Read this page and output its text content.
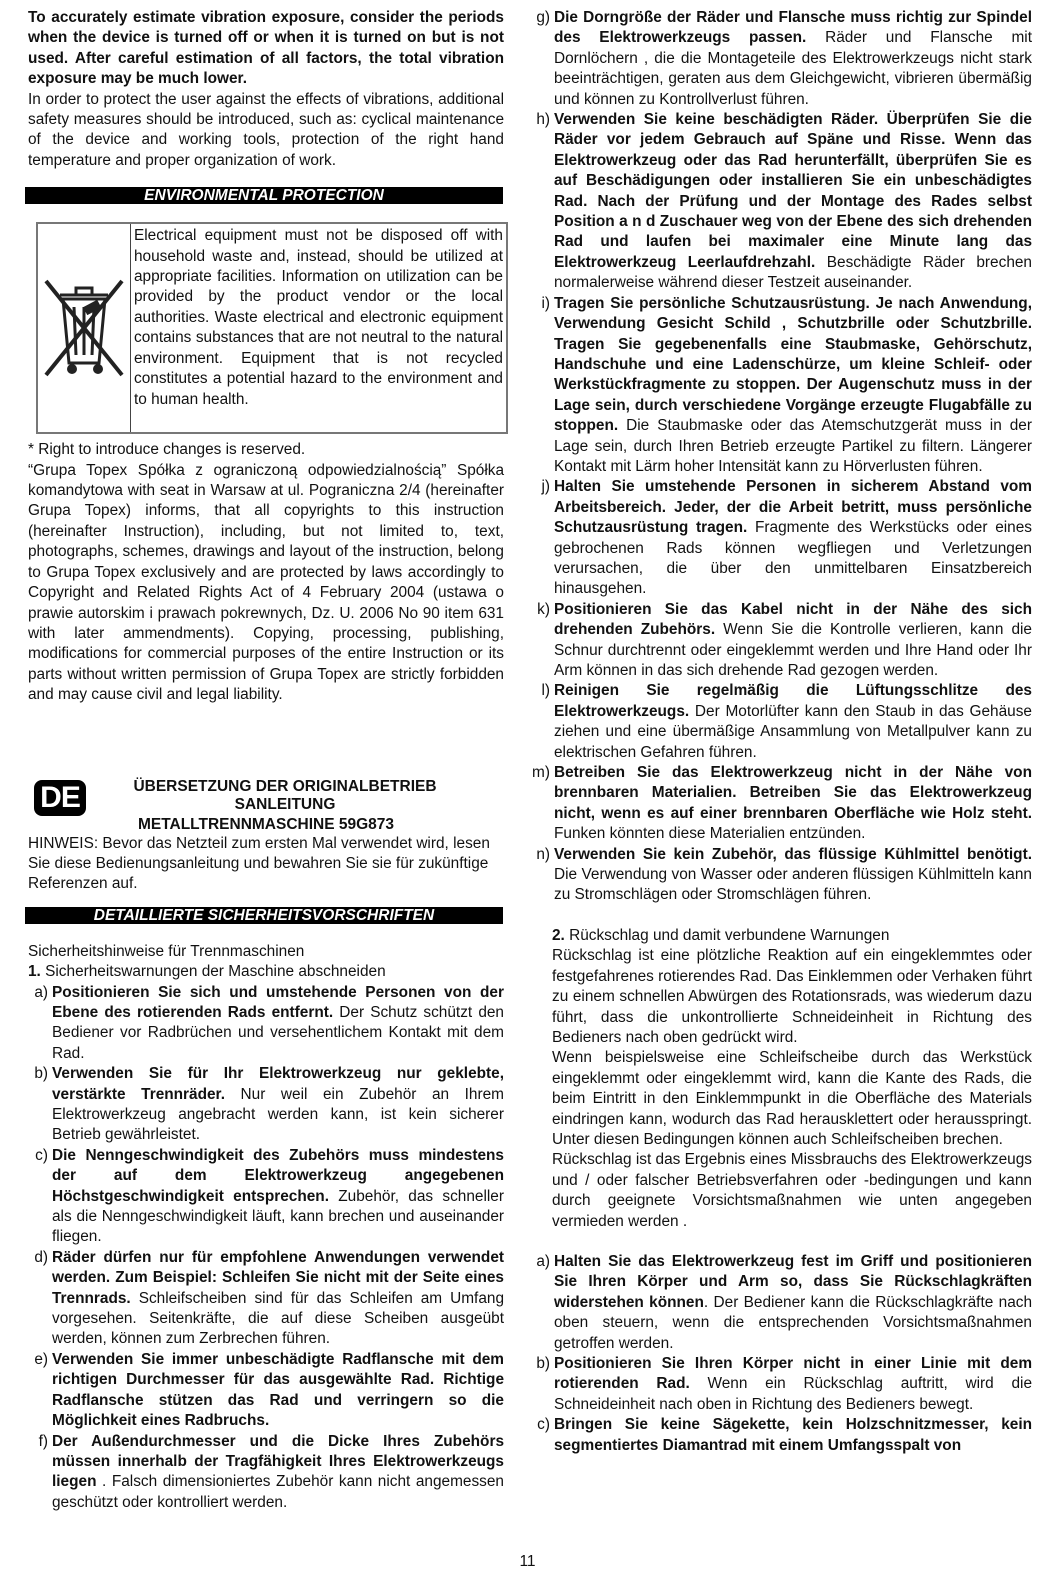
To accurately estimate vibration exposure, consider the periods when the device is turned off or when it is turned on but is not used. After careful estimation of all factors, the total vibration exposure may be much lower.

In order to protect the user against the effects of vibrations, additional safety measures should be introduced, such as: cyclical maintenance of the device and working tools, protection of the right hand temperature and proper organization of work.

ENVIRONMENTAL PROTECTION
Electrical equipment must not be disposed off with household waste and, instead, should be utilized at appropriate facilities. Information on utilization can be provided by the product vendor or the local authorities. Waste electrical and electronic equipment contains substances that are not neutral to the natural environment. Equipment that is not recycled constitutes a potential hazard to the environment and to human health.

* Right to introduce changes is reserved.

“Grupa Topex Spółka z ograniczoną odpowiedzialnością” Spółka komandytowa with seat in Warsaw at ul. Pograniczna 2/4 (hereinafter Grupa Topex) informs, that all copyrights to this instruction (hereinafter Instruction), including, but not limited to, text, photographs, schemes, drawings and layout of the instruction, belong to Grupa Topex exclusively and are protected by laws accordingly to Copyright and Related Rights Act of 4 February 2004 (ustawa o prawie autorskim i prawach pokrewnych, Dz. U. 2006 No 90 item 631 with later ammendments). Copying, processing, publishing, modifications for commercial purposes of the entire Instruction or its parts without written permission of Grupa Topex are strictly forbidden and may cause civil and legal liability.

DE	ÜBERSETZUNG DER ORIGINALBETRIEB
SANLEITUNG
METALLTRENNMASCHINE 59G873

HINWEIS: Bevor das Netzteil zum ersten Mal verwendet wird, lesen Sie diese Bedienungsanleitung und bewahren Sie sie für zukünftige Referenzen auf.

DETAILLIERTE SICHERHEITSVORSCHRIFTEN

Sicherheitshinweise für Trennmaschinen

1. Sicherheitswarnungen der Maschine abschneiden

a) Positionieren Sie sich und umstehende Personen von der Ebene des rotierenden Rads entfernt. Der Schutz schützt den Bediener vor Radbrüchen und versehentlichem Kontakt mit dem Rad.
b) Verwenden Sie für Ihr Elektrowerkzeug nur geklebte, verstärkte Trennräder. Nur weil ein Zubehör an Ihrem Elektrowerkzeug angebracht werden kann, ist kein sicherer Betrieb gewährleistet.
c) Die Nenngeschwindigkeit des Zubehörs muss mindestens der auf dem Elektrowerkzeug angegebenen Höchstgeschwindigkeit entsprechen. Zubehör, das schneller als die Nenngeschwindigkeit läuft, kann brechen und auseinander fliegen.
d) Räder dürfen nur für empfohlene Anwendungen verwendet werden. Zum Beispiel: Schleifen Sie nicht mit der Seite eines Trennrads. Schleifscheiben sind für das Schleifen am Umfang vorgesehen. Seitenkräfte, die auf diese Scheiben ausgeübt werden, können zum Zerbrechen führen.
e) Verwenden Sie immer unbeschädigte Radflansche mit dem richtigen Durchmesser für das ausgewählte Rad. Richtige Radflansche stützen das Rad und verringern so die Möglichkeit eines Radbruchs.
f) Der Außendurchmesser und die Dicke Ihres Zubehörs müssen innerhalb der Tragfähigkeit Ihres Elektrowerkzeugs liegen . Falsch dimensioniertes Zubehör kann nicht angemessen geschützt oder kontrolliert werden.
g) Die Dorngröße der Räder und Flansche muss richtig zur Spindel des Elektrowerkzeugs passen. Räder und Flansche mit Dornlöchern , die die Montageteile des Elektrowerkzeugs nicht stark beeinträchtigen, geraten aus dem Gleichgewicht, vibrieren übermäßig und können zu Kontrollverlust führen.
h) Verwenden Sie keine beschädigten Räder. Überprüfen Sie die Räder vor jedem Gebrauch auf Späne und Risse. Wenn das Elektrowerkzeug oder das Rad herunterfällt, überprüfen Sie es auf Beschädigungen oder installieren Sie ein unbeschädigtes Rad. Nach der Prüfung und der Montage des Rades selbst Position a n d Zuschauer weg von der Ebene des sich drehenden Rad und laufen bei maximaler eine Minute lang das Elektrowerkzeug Leerlaufdrehzahl. Beschädigte Räder brechen normalerweise während dieser Testzeit auseinander.
i) Tragen Sie persönliche Schutzausrüstung. Je nach Anwendung, Verwendung Gesicht Schild , Schutzbrille oder Schutzbrille. Tragen Sie gegebenenfalls eine Staubmaske, Gehörschutz, Handschuhe und eine Ladenschürze, um kleine Schleif- oder Werkstückfragmente zu stoppen. Der Augenschutz muss in der Lage sein, durch verschiedene Vorgänge erzeugte Flugabfälle zu stoppen. Die Staubmaske oder das Atemschutzgerät muss in der Lage sein, durch Ihren Betrieb erzeugte Partikel zu filtern. Längerer Kontakt mit Lärm hoher Intensität kann zu Hörverlusten führen.
j) Halten Sie umstehende Personen in sicherem Abstand vom Arbeitsbereich. Jeder, der die Arbeit betritt, muss persönliche Schutzausrüstung tragen. Fragmente des Werkstücks oder eines gebrochenen Rads können wegfliegen und Verletzungen verursachen, die über den unmittelbaren Einsatzbereich hinausgehen.
k) Positionieren Sie das Kabel nicht in der Nähe des sich drehenden Zubehörs. Wenn Sie die Kontrolle verlieren, kann die Schnur durchtrennt oder eingeklemmt werden und Ihre Hand oder Ihr Arm können in das sich drehende Rad gezogen werden.
l) Reinigen Sie regelmäßig die Lüftungsschlitze des Elektrowerkzeugs. Der Motorlüfter kann den Staub in das Gehäuse ziehen und eine übermäßige Ansammlung von Metallpulver kann zu elektrischen Gefahren führen.
m) Betreiben Sie das Elektrowerkzeug nicht in der Nähe von brennbaren Materialien. Betreiben Sie das Elektrowerkzeug nicht, wenn es auf einer brennbaren Oberfläche wie Holz steht. Funken könnten diese Materialien entzünden.
n) Verwenden Sie kein Zubehör, das flüssige Kühlmittel benötigt. Die Verwendung von Wasser oder anderen flüssigen Kühlmitteln kann zu Stromschlägen oder Stromschlägen führen.

2. Rückschlag und damit verbundene Warnungen

Rückschlag ist eine plötzliche Reaktion auf ein eingeklemmtes oder festgefahrenes rotierendes Rad. Das Einklemmen oder Verhaken führt zu einem schnellen Abwürgen des Rotationsrads, was wiederum dazu führt, dass die unkontrollierte Schneideinheit in Richtung des Bedieners nach oben gedrückt wird.

Wenn beispielsweise eine Schleifscheibe durch das Werkstück eingeklemmt oder eingeklemmt wird, kann die Kante des Rads, die beim Eintritt in den Einklemmpunkt in die Oberfläche des Materials eindringen kann, wodurch das Rad herausklettert oder herausspringt. Unter diesen Bedingungen können auch Schleifscheiben brechen.

Rückschlag ist das Ergebnis eines Missbrauchs des Elektrowerkzeugs und / oder falscher Betriebsverfahren oder -bedingungen und kann durch geeignete Vorsichtsmaßnahmen wie unten angegeben vermieden werden .

a) Halten Sie das Elektrowerkzeug fest im Griff und positionieren Sie Ihren Körper und Arm so, dass Sie Rückschlagkräften widerstehen können. Der Bediener kann die Rückschlagkräfte nach oben steuern, wenn die entsprechenden Vorsichtsmaßnahmen getroffen werden.
b) Positionieren Sie Ihren Körper nicht in einer Linie mit dem rotierenden Rad. Wenn ein Rückschlag auftritt, wird die Schneideinheit nach oben in Richtung des Bedieners bewegt.
c) Bringen Sie keine Sägekette, kein Holzschnitzmesser, kein segmentiertes Diamantrad mit einem Umfangsspalt von
11
